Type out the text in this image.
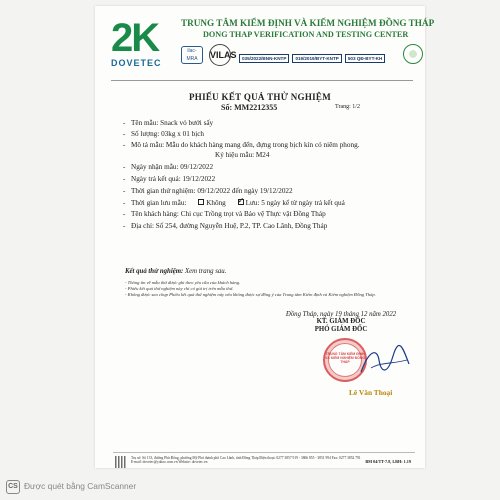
2K
DOVETEC
TRUNG TÂM KIỂM ĐỊNH VÀ KIỂM NGHIỆM ĐỒNG THÁP
DONG THAP VERIFICATION AND TESTING CENTER
ilac-MRA	VILAS	035/2022/BNN-KNTP	019/2019/BYT-KNTP	503 QĐ-BYT-KH
PHIẾU KẾT QUẢ THỬ NGHIỆM
Số: MM2212355	Trang: 1/2
- Tên mẫu: Snack vỏ bưởi sấy
- Số lượng: 03kg x 01 bịch
- Mô tả mẫu: Mẫu do khách hàng mang đến, đựng trong bịch kín có niêm phong.
Ký hiệu mẫu: M24
- Ngày nhận mẫu: 09/12/2022
- Ngày trả kết quả: 19/12/2022
- Thời gian thử nghiệm: 09/12/2022 đến ngày 19/12/2022
- Thời gian lưu mẫu:	Không ✓	Lưu: 5 ngày kể từ ngày trả kết quả
- Tên khách hàng: Chi cục Trồng trọt và Bảo vệ Thực vật Đồng Tháp
- Địa chỉ: Số 254, đường Nguyễn Huệ, P.2, TP. Cao Lãnh, Đồng Tháp
Kết quả thử nghiệm: Xem trang sau.
- Thông tin về mẫu thử được ghi theo yêu cầu của khách hàng.
- Phiếu kết quả thử nghiệm này chỉ có giá trị trên mẫu thử.
- Không được sao chụp Phiếu kết quả thử nghiệm này nếu không được sự đồng ý của Trung tâm Kiểm định và Kiểm nghiệm Đồng Tháp.
Đồng Tháp, ngày 19 tháng 12 năm 2022
KT. GIÁM ĐỐC
PHÓ GIÁM ĐỐC
TRUNG TÂM KIỂM ĐỊNH VÀ KIỂM NGHIỆM ĐỒNG THÁP
Lê Văn Thoại
Trụ sở: Số 133, đường Phù Đổng, phường Mỹ Phú thành phố Cao Lãnh, tỉnh Đồng Tháp Điện thoại: 0277 3857 919 - 3866 855 - 3851 994 Fax: 0277 3852 791 E-mail: dovetec@yahoo.com.vn Website: dovetec.vn	BM 04/TT-7.8, LBH: 1.19
CS Được quét bằng CamScanner
